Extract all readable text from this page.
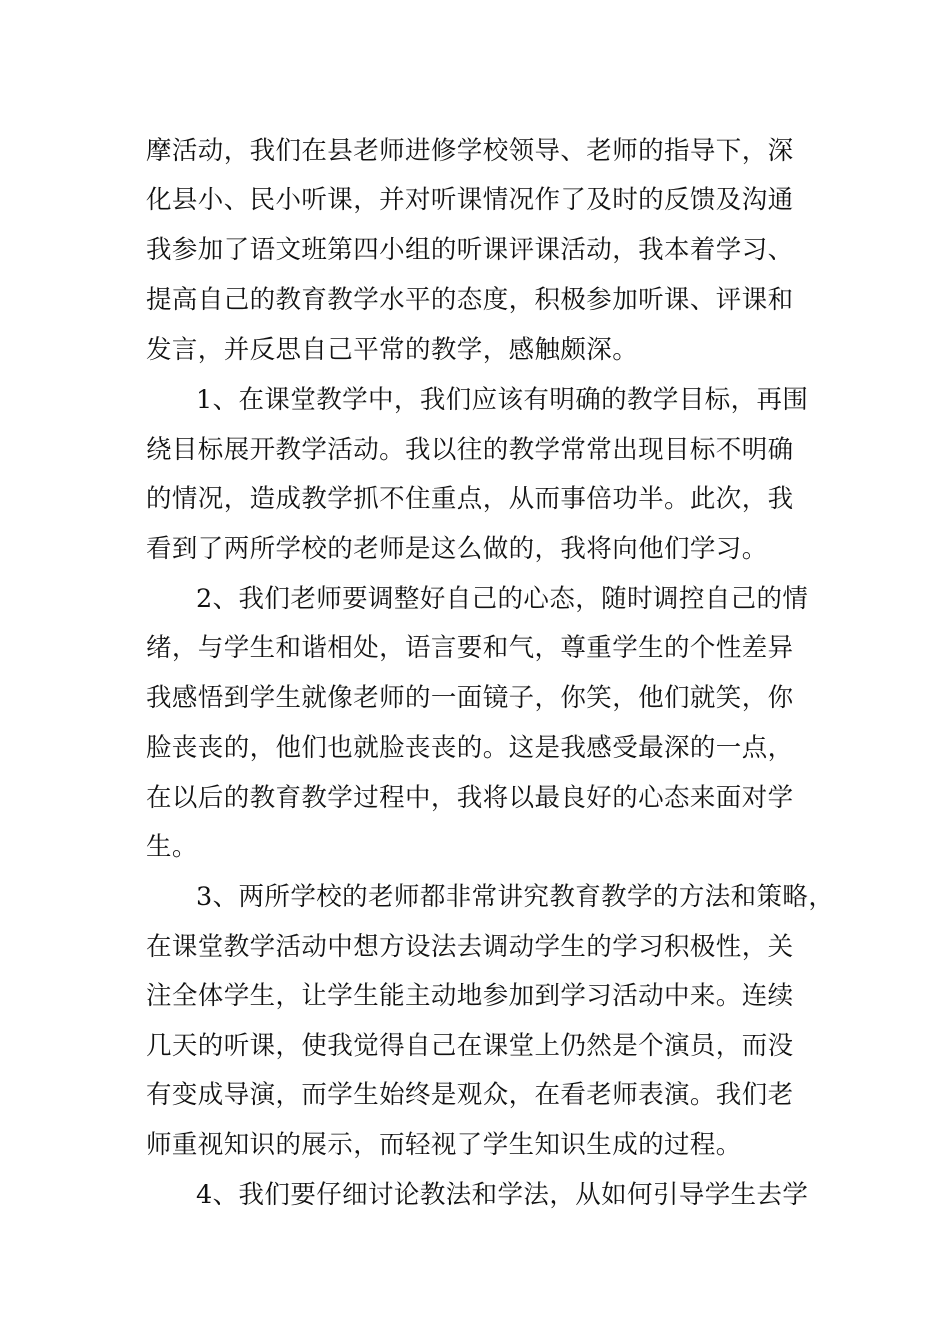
摩活动，我们在县老师进修学校领导、老师的指导下，深
化县小、民小听课，并对听课情况作了及时的反馈及沟通
我参加了语文班第四小组的听课评课活动，我本着学习、
提高自己的教育教学水平的态度，积极参加听课、评课和
发言，并反思自己平常的教学，感触颇深。
1、在课堂教学中，我们应该有明确的教学目标，再围
绕目标展开教学活动。我以往的教学常常出现目标不明确
的情况，造成教学抓不住重点，从而事倍功半。此次，我
看到了两所学校的老师是这么做的，我将向他们学习。
2、我们老师要调整好自己的心态，随时调控自己的情
绪，与学生和谐相处，语言要和气，尊重学生的个性差异
我感悟到学生就像老师的一面镜子，你笑，他们就笑，你
脸丧丧的，他们也就脸丧丧的。这是我感受最深的一点，
在以后的教育教学过程中，我将以最良好的心态来面对学
生。
3、两所学校的老师都非常讲究教育教学的方法和策略，
在课堂教学活动中想方设法去调动学生的学习积极性，关
注全体学生，让学生能主动地参加到学习活动中来。连续
几天的听课，使我觉得自己在课堂上仍然是个演员，而没
有变成导演，而学生始终是观众，在看老师表演。我们老
师重视知识的展示，而轻视了学生知识生成的过程。
4、我们要仔细讨论教法和学法，从如何引导学生去学
